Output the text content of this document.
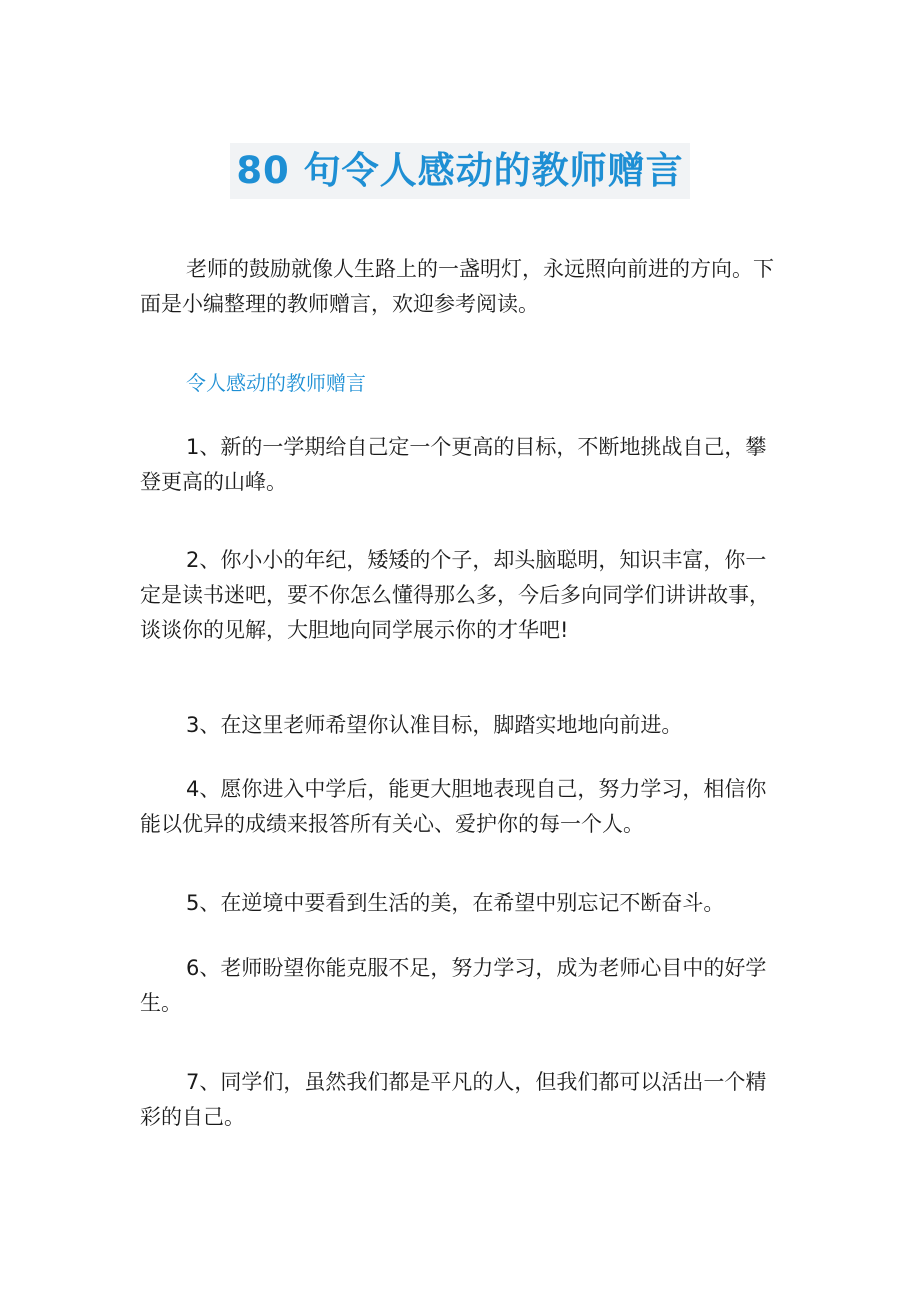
80 句令人感动的教师赠言

老师的鼓励就像人生路上的一盏明灯，永远照向前进的方向。下面是小编整理的教师赠言，欢迎参考阅读。

令人感动的教师赠言

1、新的一学期给自己定一个更高的目标，不断地挑战自己，攀登更高的山峰。

2、你小小的年纪，矮矮的个子，却头脑聪明，知识丰富，你一定是读书迷吧，要不你怎么懂得那么多，今后多向同学们讲讲故事，谈谈你的见解，大胆地向同学展示你的才华吧!

3、在这里老师希望你认准目标，脚踏实地地向前进。

4、愿你进入中学后，能更大胆地表现自己，努力学习，相信你能以优异的成绩来报答所有关心、爱护你的每一个人。

5、在逆境中要看到生活的美，在希望中别忘记不断奋斗。

6、老师盼望你能克服不足，努力学习，成为老师心目中的好学生。

7、同学们，虽然我们都是平凡的人，但我们都可以活出一个精彩的自己。
